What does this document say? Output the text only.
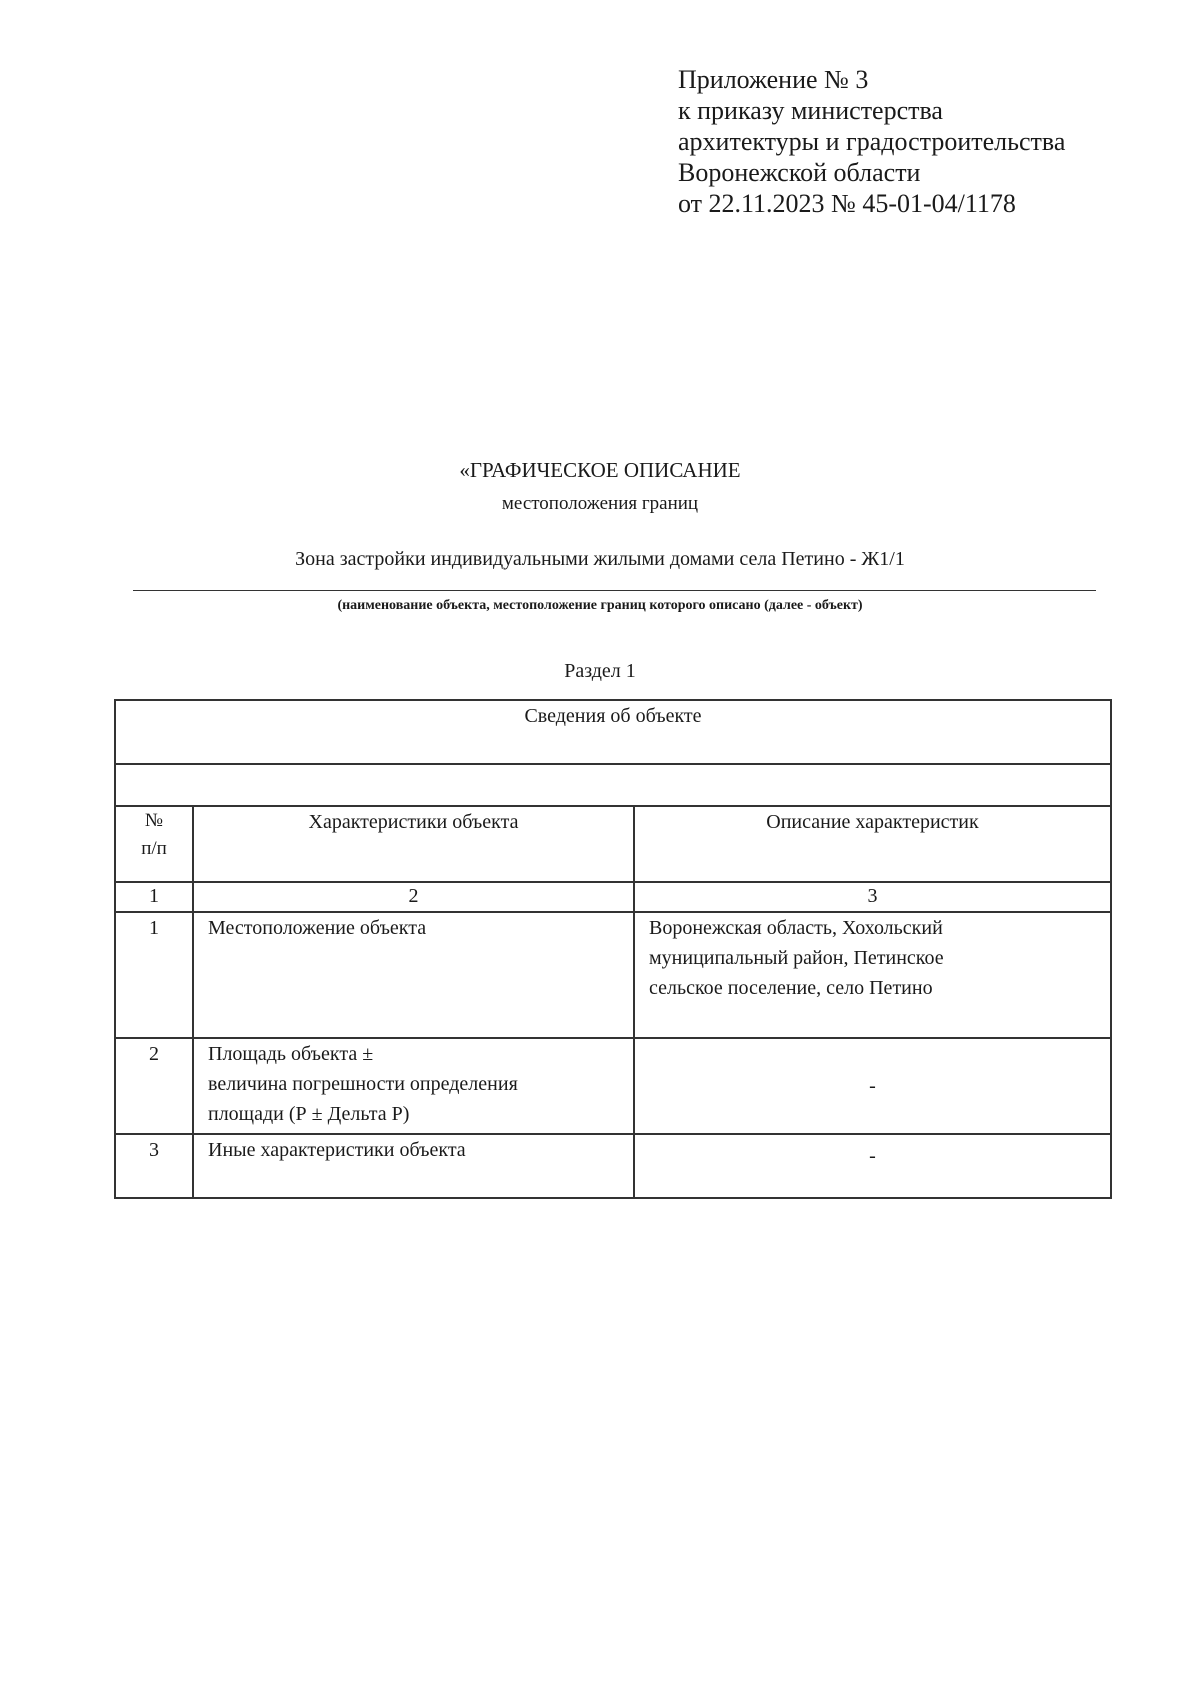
Приложение № 3
к приказу министерства
архитектуры и градостроительства
Воронежской области
от 22.11.2023 № 45-01-04/1178
«ГРАФИЧЕСКОЕ ОПИСАНИЕ
местоположения границ
Зона застройки индивидуальными жилыми домами села Петино - Ж1/1
(наименование объекта, местоположение границ которого описано (далее - объект)
Раздел 1
Сведения об объекте		

№
п/п	Характеристики объекта	Описание характеристик
1	2	3
1	Местоположение объекта	Воронежская область, Хохольский
муниципальный район, Петинское
сельское поселение, село Петино

2	Площадь объекта ±
величина погрешности определения
площади (Р ± Дельта Р)	-
3	Иные характеристики объекта	-
